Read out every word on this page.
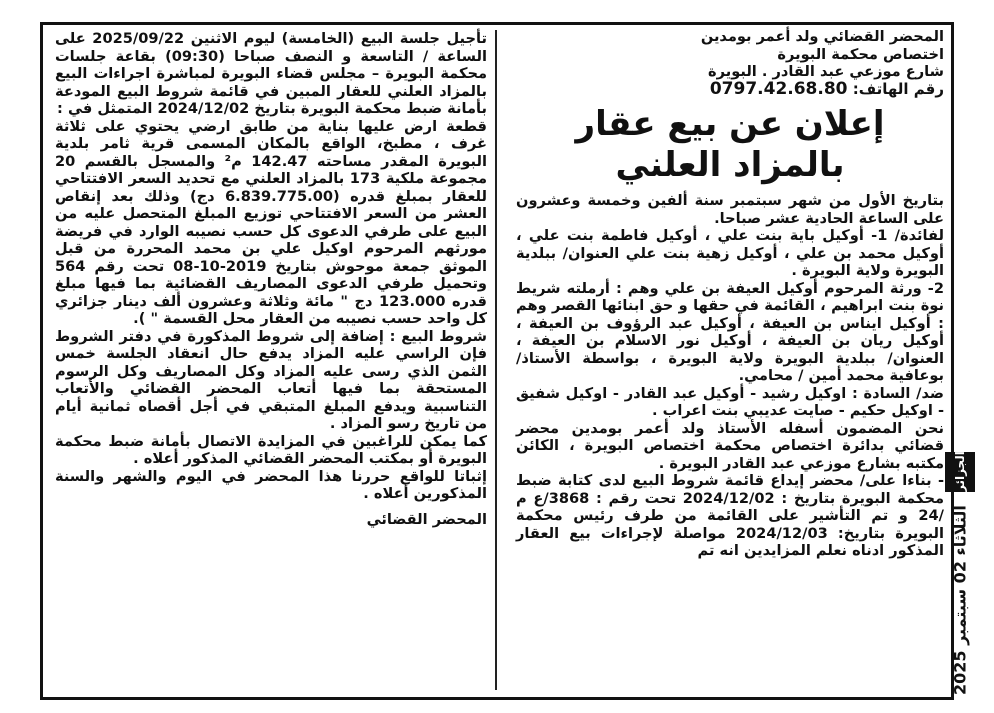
المحضر القضائي ولد أعمر بومدين
اختصاص محكمة البويرة
شارع موزعي عبد القادر . البويرة
رقم الهاتف: 0797.42.68.80
إعلان عن بيع عقار بالمزاد العلني

بتاريخ الأول من شهر سبتمبر سنة ألفين وخمسة وعشرون على الساعة الحادية عشر صباحا.

لفائدة/ 1- أوكيل باية بنت علي ، أوكيل فاطمة بنت علي ، أوكيل محمد بن علي ، أوكيل زهية بنت علي العنوان/ ببلدية البويرة ولاية البويرة .

2- ورثة المرحوم أوكيل العيفة بن علي وهم : أرملته شريط نوة بنت ابراهيم ، القائمة في حقها و حق ابنائها القصر وهم : أوكيل ايناس بن العيفة ، أوكيل عبد الرؤوف بن العيفة ، أوكيل ريان بن العيفة ، أوكيل نور الاسلام بن العيفة ، العنوان/ ببلدية البويرة ولاية البويرة ، بواسطة الأستاذ/ بوعافية محمد أمين / محامي.

ضد/ السادة : اوكيل رشيد - أوكيل عبد القادر - اوكيل شفيق - اوكيل حكيم - صايت عديبي بنت اعراب .

نحن المضمون أسفله الأستاذ ولد أعمر بومدين محضر قضائي بدائرة اختصاص محكمة اختصاص البويرة ، الكائن مكتبه بشارع موزعي عبد القادر البويرة .

- بناءا على/ محضر إيداع قائمة شروط البيع لدى كتابة ضبط محكمة البويرة بتاريخ : 2024/12/02 تحت رقم : 3868/ع م /24 و تم التأشير على القائمة من طرف رئيس محكمة البويرة بتاريخ: 2024/12/03 مواصلة لإجراءات بيع العقار المذكور ادناه نعلم المزايدين انه تم

تأجيل جلسة البيع (الخامسة) ليوم الاثنين 2025/09/22 على الساعة / التاسعة و النصف صباحا (09:30) بقاعة جلسات محكمة البويرة – مجلس قضاء البويرة لمباشرة اجراءات البيع بالمزاد العلني للعقار المبين في قائمة شروط البيع المودعة بأمانة ضبط محكمة البويرة بتاريخ 2024/12/02 المتمثل في :

قطعة ارض عليها بناية من طابق ارضي يحتوي على ثلاثة غرف ، مطبخ، الواقع بالمكان المسمى قرية ثامر بلدية البويرة المقدر مساحته 142.47 م² والمسجل بالقسم 20 مجموعة ملكية 173 بالمزاد العلني مع تحديد السعر الافتتاحي للعقار بمبلغ قدره (6.839.775.00 دج) وذلك بعد إنقاص العشر من السعر الافتتاحي توزيع المبلغ المتحصل عليه من البيع على طرفي الدعوى كل حسب نصيبه الوارد في فريضة مورثهم المرحوم اوكيل علي بن محمد المحررة من قبل الموثق جمعة موحوش بتاريخ 2019-10-08 تحت رقم 564 وتحميل طرفي الدعوى المصاريف القضائية بما فيها مبلغ قدره 123.000 دج " مائة وثلاثة وعشرون ألف دينار جزائري كل واحد حسب نصيبه من العقار محل القسمة " ).

شروط البيع : إضافة إلى شروط المذكورة في دفتر الشروط فإن الراسي عليه المزاد يدفع حال انعقاد الجلسة خمس الثمن الذي رسى عليه المزاد وكل المصاريف وكل الرسوم المستحقة بما فيها أتعاب المحضر القضائي والأتعاب التناسبية ويدفع المبلغ المتبقي في أجل أقصاه ثمانية أيام من تاريخ رسو المزاد .

كما يمكن للراغبين في المزايدة الاتصال بأمانة ضبط محكمة البويرة أو بمكتب المحضر القضائي المذكور أعلاه .

إثباتا للواقع حررنا هذا المحضر في اليوم والشهر والسنة المذكورين أعلاه .

المحضر القضائي
الجزائر
الثلاثاء 02 سبتمبر 2025
